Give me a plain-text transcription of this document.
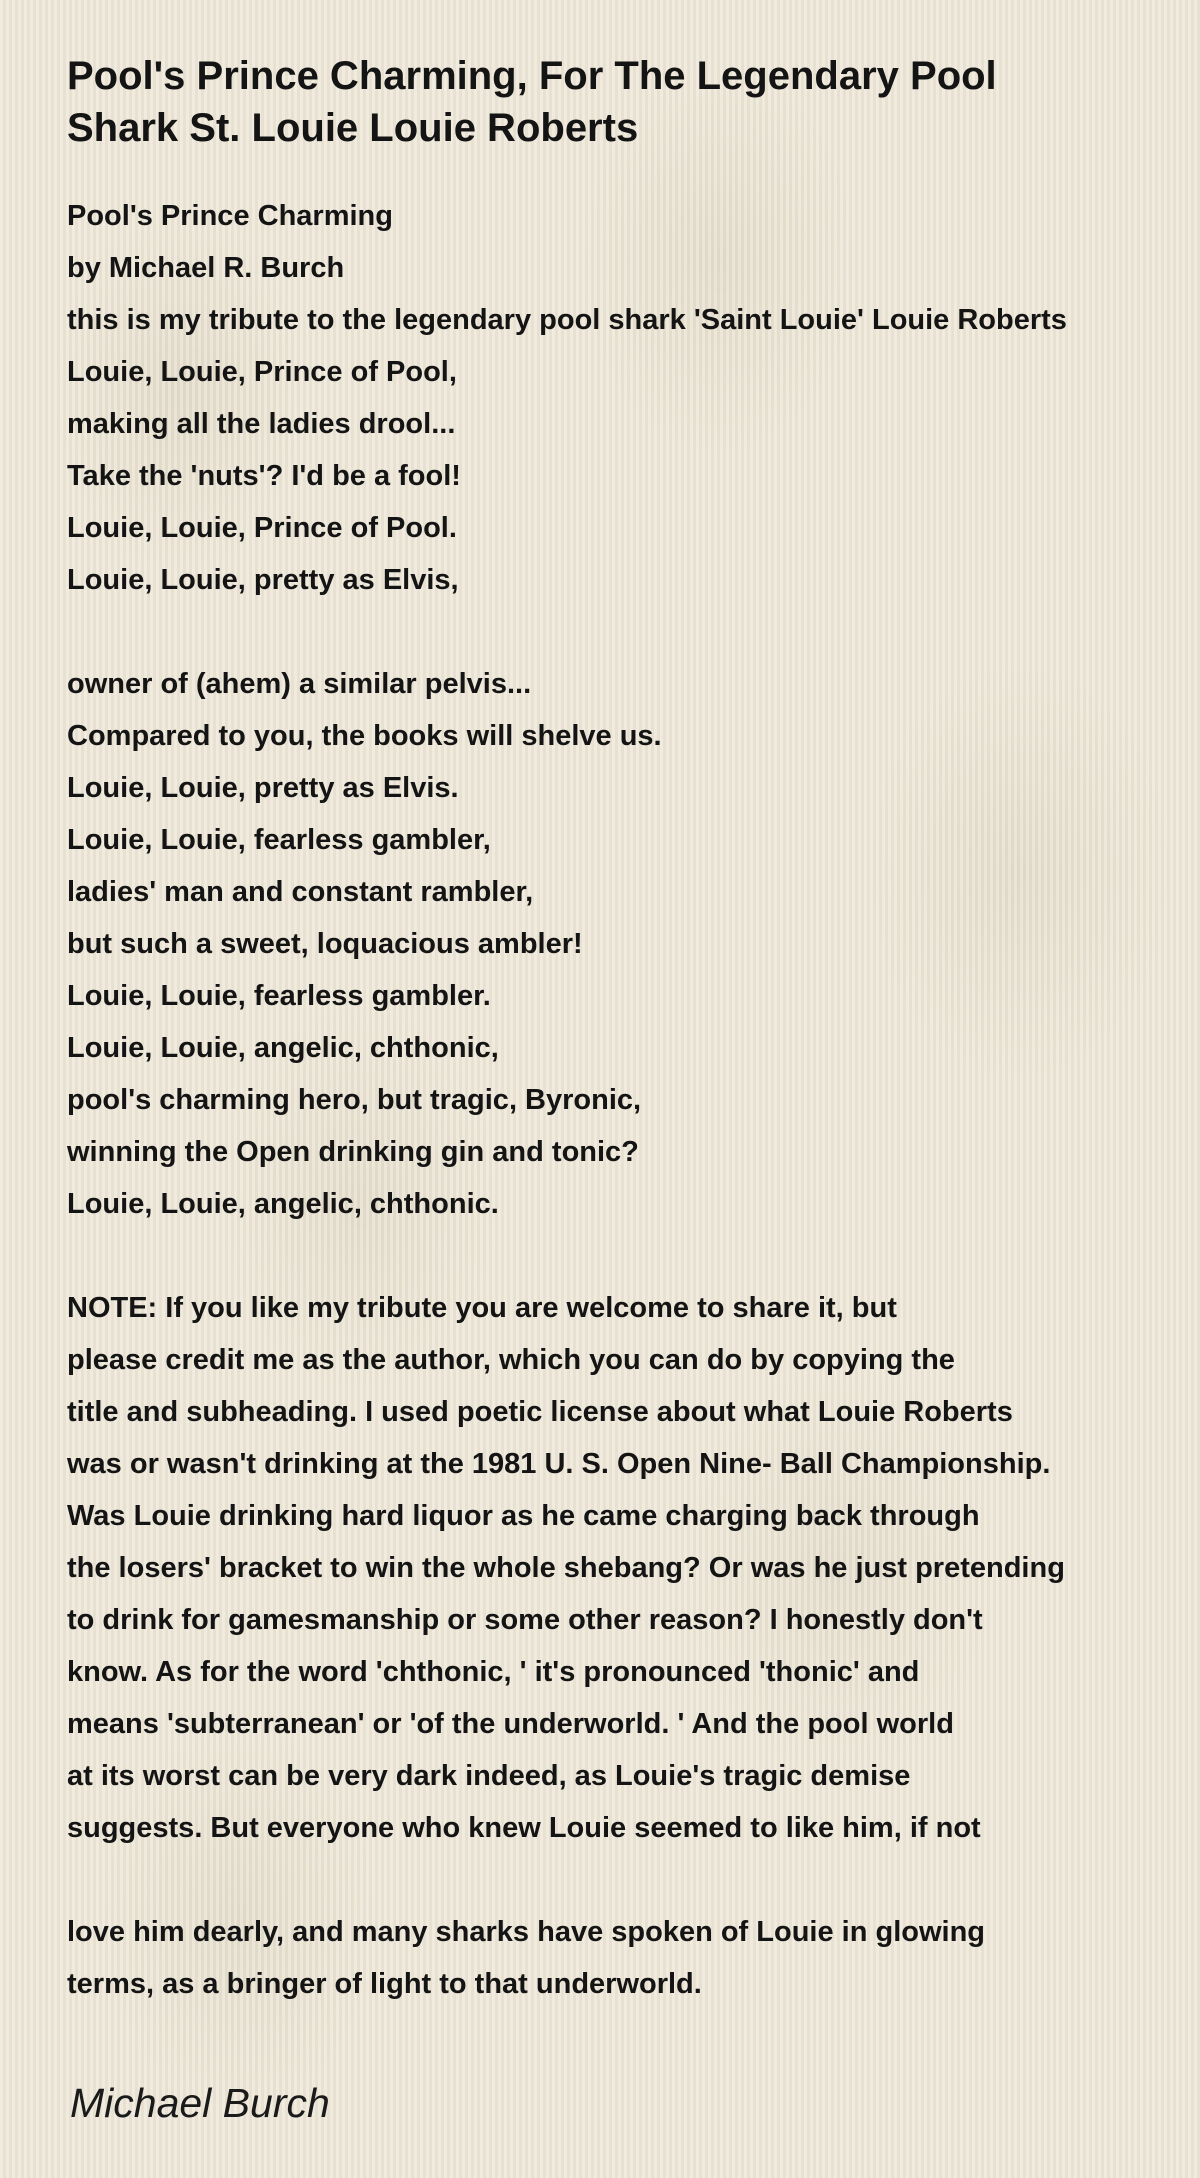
Pool's Prince Charming, For The Legendary Pool Shark St. Louie Louie Roberts
Pool's Prince Charming
by Michael R. Burch
this is my tribute to the legendary pool shark 'Saint Louie' Louie Roberts
Louie, Louie, Prince of Pool,
making all the ladies drool...
Take the 'nuts'? I'd be a fool!
Louie, Louie, Prince of Pool.
Louie, Louie, pretty as Elvis,
owner of (ahem) a similar pelvis...
Compared to you, the books will shelve us.
Louie, Louie, pretty as Elvis.
Louie, Louie, fearless gambler,
ladies' man and constant rambler,
but such a sweet, loquacious ambler!
Louie, Louie, fearless gambler.
Louie, Louie, angelic, chthonic,
pool's charming hero, but tragic, Byronic,
winning the Open drinking gin and tonic?
Louie, Louie, angelic, chthonic.
NOTE: If you like my tribute you are welcome to share it, but
please credit me as the author, which you can do by copying the
title and subheading. I used poetic license about what Louie Roberts
was or wasn't drinking at the 1981 U. S. Open Nine- Ball Championship.
Was Louie drinking hard liquor as he came charging back through
the losers' bracket to win the whole shebang? Or was he just pretending
to drink for gamesmanship or some other reason? I honestly don't
know. As for the word 'chthonic, ' it's pronounced 'thonic' and
means 'subterranean' or 'of the underworld. ' And the pool world
at its worst can be very dark indeed, as Louie's tragic demise
suggests. But everyone who knew Louie seemed to like him, if not
love him dearly, and many sharks have spoken of Louie in glowing
terms, as a bringer of light to that underworld.
Michael Burch
